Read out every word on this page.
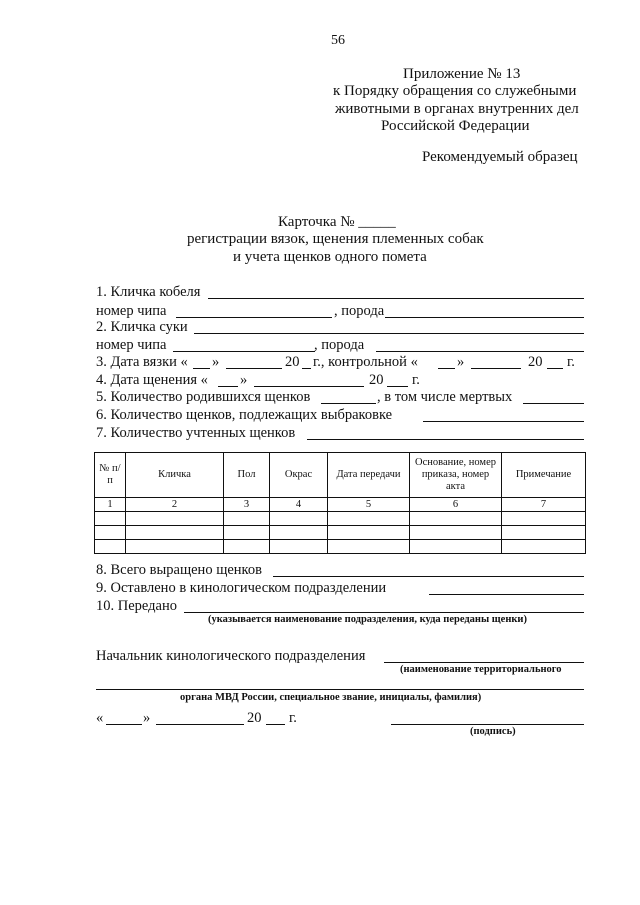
56
Приложение № 13
к Порядку обращения со служебными
животными в органах внутренних дел
Российской Федерации
Рекомендуемый образец
Карточка № _____
регистрации вязок, щенения племенных собак
и учета щенков одного помета
1. Кличка кобеля
номер чипа	, порода
2. Кличка суки
номер чипа	, порода
3. Дата вязки « »	20 г., контрольной «	»	20 г.
4. Дата щенения « »	20 г.
5. Количество родившихся щенков	, в том числе мертвых
6. Количество щенков, подлежащих выбраковке
7. Количество учтенных щенков
№ п/п	Кличка	Пол	Окрас	Дата передачи	Основание, номер приказа, номер акта	Примечание
1	2	3	4	5	6	7

8. Всего выращено щенков
9. Оставлено в кинологическом подразделении
10. Передано
(указывается наименование подразделения, куда переданы щенки)
Начальник кинологического подразделения
(наименование территориального
органа МВД России, специальное звание, инициалы, фамилия)
«	»	20 г.
(подпись)
